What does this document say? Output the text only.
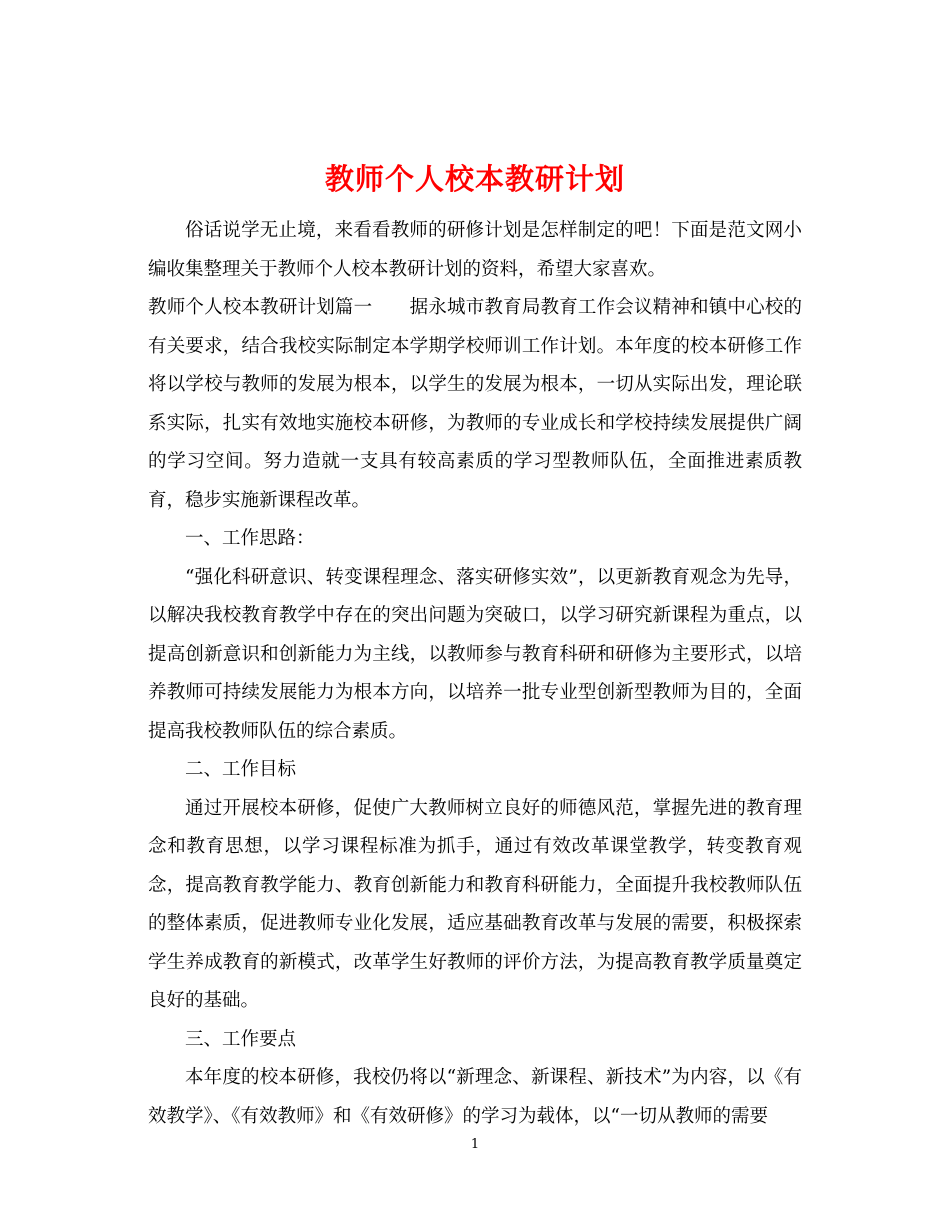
教师个人校本教研计划

俗话说学无止境，来看看教师的研修计划是怎样制定的吧！下面是范文网小编收集整理关于教师个人校本教研计划的资料，希望大家喜欢。

教师个人校本教研计划篇一　　据永城市教育局教育工作会议精神和镇中心校的有关要求，结合我校实际制定本学期学校师训工作计划。本年度的校本研修工作将以学校与教师的发展为根本，以学生的发展为根本，一切从实际出发，理论联系实际，扎实有效地实施校本研修，为教师的专业成长和学校持续发展提供广阔的学习空间。努力造就一支具有较高素质的学习型教师队伍，全面推进素质教育，稳步实施新课程改革。

一、工作思路：

“强化科研意识、转变课程理念、落实研修实效”，以更新教育观念为先导，以解决我校教育教学中存在的突出问题为突破口，以学习研究新课程为重点，以提高创新意识和创新能力为主线，以教师参与教育科研和研修为主要形式，以培养教师可持续发展能力为根本方向，以培养一批专业型创新型教师为目的，全面提高我校教师队伍的综合素质。

二、工作目标

通过开展校本研修，促使广大教师树立良好的师德风范，掌握先进的教育理念和教育思想，以学习课程标准为抓手，通过有效改革课堂教学，转变教育观念，提高教育教学能力、教育创新能力和教育科研能力，全面提升我校教师队伍的整体素质，促进教师专业化发展，适应基础教育改革与发展的需要，积极探索学生养成教育的新模式，改革学生好教师的评价方法，为提高教育教学质量奠定良好的基础。

三、工作要点

本年度的校本研修，我校仍将以“新理念、新课程、新技术”为内容，以《有效教学》、《有效教师》和《有效研修》的学习为载体，以“一切从教师的需要

1
